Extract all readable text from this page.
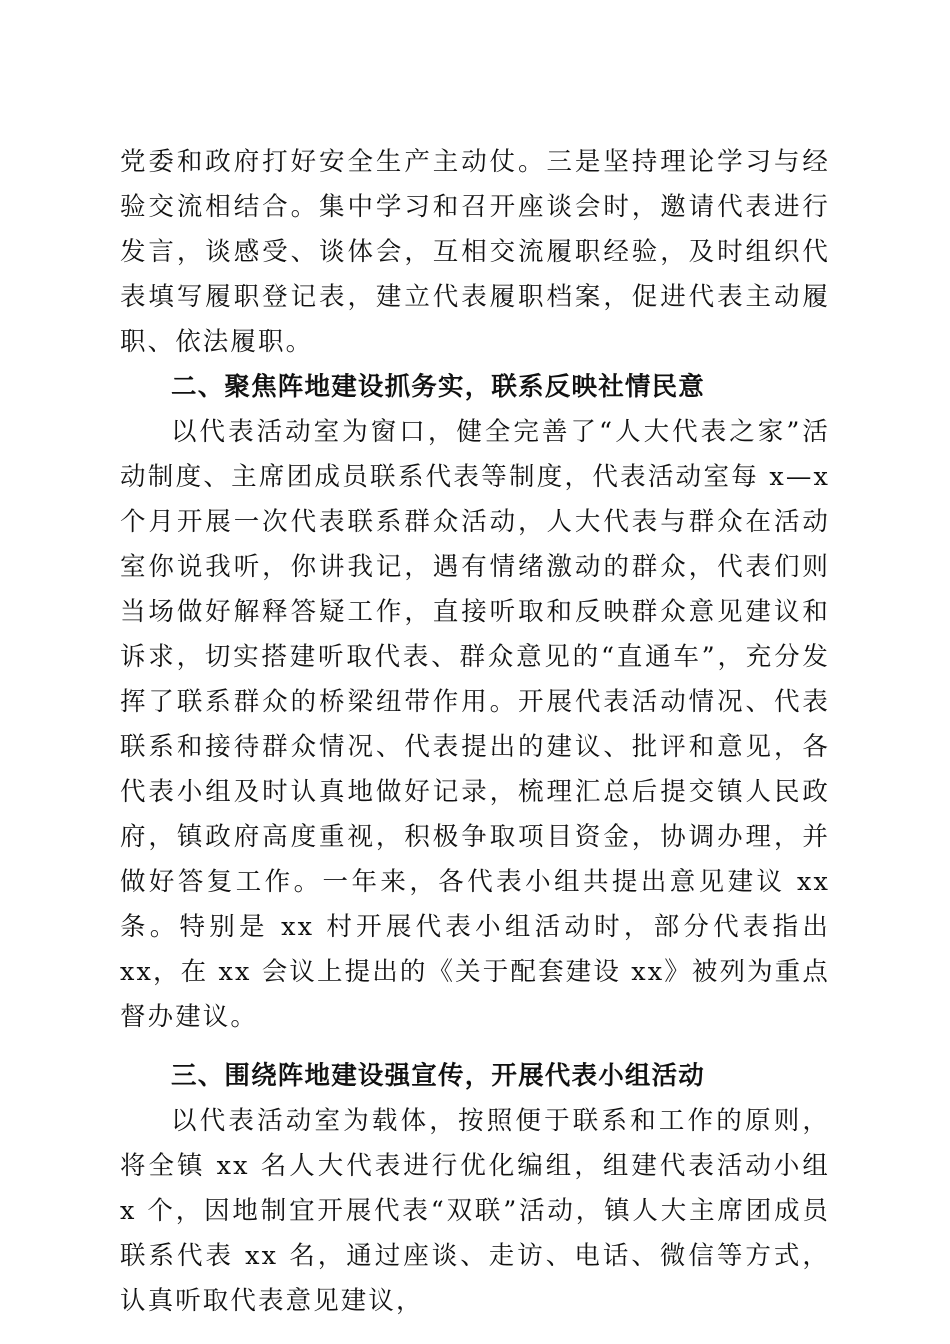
党委和政府打好安全生产主动仗。三是坚持理论学习与经验交流相结合。集中学习和召开座谈会时，邀请代表进行发言，谈感受、谈体会，互相交流履职经验，及时组织代表填写履职登记表，建立代表履职档案，促进代表主动履职、依法履职。

二、聚焦阵地建设抓务实，联系反映社情民意

以代表活动室为窗口，健全完善了“人大代表之家”活动制度、主席团成员联系代表等制度，代表活动室每 x—x 个月开展一次代表联系群众活动，人大代表与群众在活动室你说我听，你讲我记，遇有情绪激动的群众，代表们则当场做好解释答疑工作，直接听取和反映群众意见建议和诉求，切实搭建听取代表、群众意见的“直通车”，充分发挥了联系群众的桥梁纽带作用。开展代表活动情况、代表联系和接待群众情况、代表提出的建议、批评和意见，各代表小组及时认真地做好记录，梳理汇总后提交镇人民政府，镇政府高度重视，积极争取项目资金，协调办理，并做好答复工作。一年来，各代表小组共提出意见建议 xx 条。特别是 xx 村开展代表小组活动时，部分代表指出 xx，在 xx 会议上提出的《关于配套建设 xx》被列为重点督办建议。

三、围绕阵地建设强宣传，开展代表小组活动

以代表活动室为载体，按照便于联系和工作的原则，将全镇 xx 名人大代表进行优化编组，组建代表活动小组 x 个，因地制宜开展代表“双联”活动，镇人大主席团成员联系代表 xx 名，通过座谈、走访、电话、微信等方式，认真听取代表意见建议，
